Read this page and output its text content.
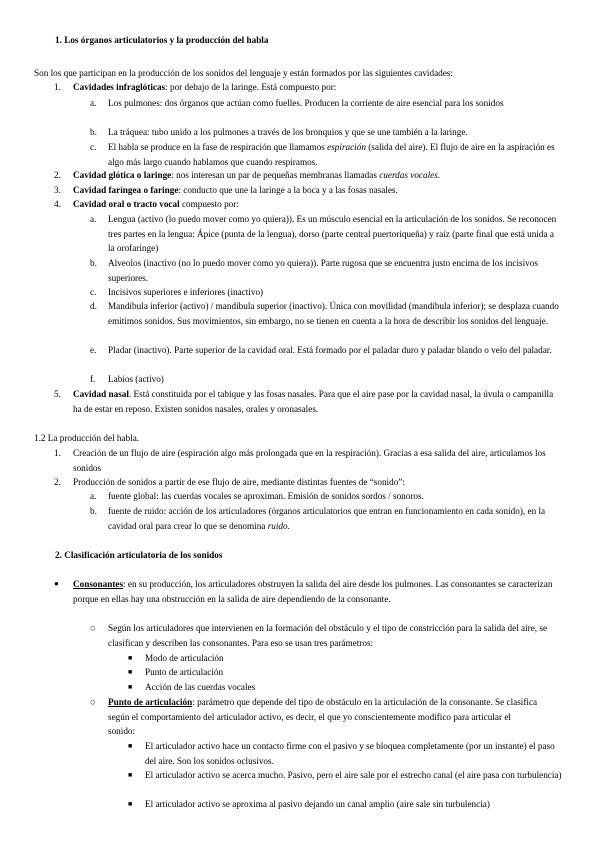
1. Los órganos articulatorios y la producción del habla
Son los que participan en la producción de los sonidos del lenguaje y están formados por las siguientes cavidades:
1. Cavidades infraglóticas: por debajo de la laringe. Está compuesto por:
a. Los pulmones: dos órganos que actúan como fuelles. Producen la corriente de aire esencial para los sonidos
b. La tráquea: tubo unido a los pulmones a través de los bronquios y que se une también a la laringe.
c. El habla se produce en la fase de respiración que llamamos espiración (salida del aire). El flujo de aire en la aspiración es algo más largo cuando hablamos que cuando respiramos.
2. Cavidad glótica o laringe: nos interesan un par de pequeñas membranas llamadas cuerdas vocales.
3. Cavidad faríngea o faringe: conducto que une la laringe a la boca y a las fosas nasales.
4. Cavidad oral o tracto vocal compuesto por:
a. Lengua (activo (lo puedo mover como yo quiera)). Es un músculo esencial en la articulación de los sonidos. Se reconocen tres partes en la lengua: Ápice (punta de la lengua), dorso (parte central puertoriqueña) y raíz (parte final que está unida a la orofaringe)
b. Alveolos (inactivo (no lo puedo mover como yo quiera)). Parte rugosa que se encuentra justo encima de los incisivos superiores.
c. Incisivos superiores e inferiores (inactivo)
d. Mandíbula inferior (activo) / mandíbula superior (inactivo). Única con movilidad (mandíbula inferior); se desplaza cuando emitimos sonidos. Sus movimientos, sin embargo, no se tienen en cuenta a la hora de describir los sonidos del lenguaje.
e. Pladar (inactivo). Parte superior de la cavidad oral. Está formado por el paladar duro y paladar blando o velo del paladar.
f. Labios (activo)
5. Cavidad nasal. Está constituida por el tabique y las fosas nasales. Para que el aire pase por la cavidad nasal, la úvula o campanilla ha de estar en reposo. Existen sonidos nasales, orales y oronasales.
1.2 La producción del habla.
1. Creación de un flujo de aire (espiración algo más prolongada que en la respiración). Gracias a esa salida del aire, articulamos los sonidos
2. Producción de sonidos a partir de ese flujo de aire, mediante distintas fuentes de “sonido”:
a. fuente global: las cuerdas vocales se aproximan. Emisión de sonidos sordos / sonoros.
b. fuente de ruido: acción de los articuladores (órganos articulatorios que entran en funcionamiento en cada sonido), en la cavidad oral para crear lo que se denomina ruido.
2. Clasificación articulatoria de los sonidos
● Consonantes: en su producción, los articuladores obstruyen la salida del aire desde los pulmones. Las consonantes se caracterizan porque en ellas hay una obstrucción en la salida de aire dependiendo de la consonante.
○ Según los articuladores que intervienen en la formación del obstáculo y el tipo de constricción para la salida del aire, se clasifican y describen las consonantes. Para eso se usan tres parámetros:
■ Modo de articulación
■ Punto de articulación
■ Acción de las cuerdas vocales
○ Punto de articulación: parámetro que depende del tipo de obstáculo en la articulación de la consonante. Se clasifica según el comportamiento del articulador activo, es decir, el que yo conscientemente modifico para articular el sonido:
■ El articulador activo hace un contacto firme con el pasivo y se bloquea completamente (por un instante) el paso del aire. Son los sonidos oclusivos.
■ El articulador activo se acerca mucho. Pasivo, pero el aire sale por el estrecho canal (el aire pasa con turbulencia)
■ El articulador activo se aproxima al pasivo dejando un canal amplio (aire sale sin turbulencia)
